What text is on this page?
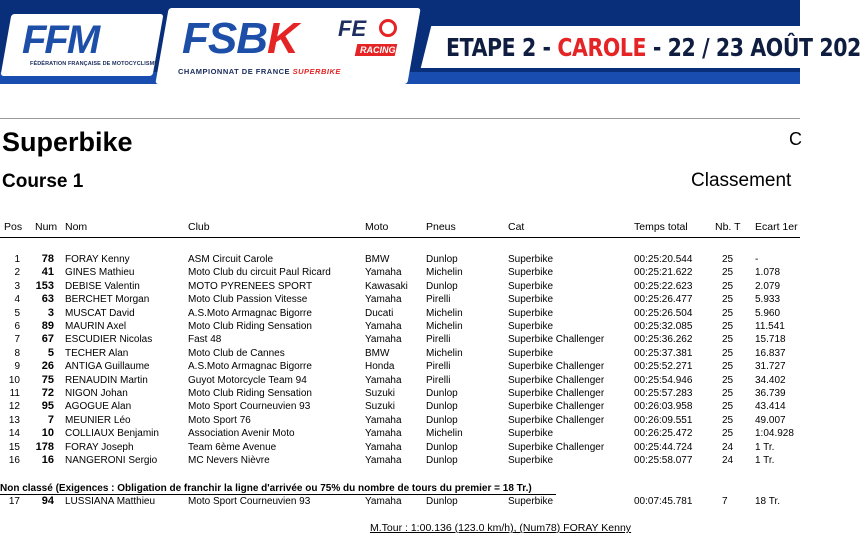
FFM
FÉDÉRATION FRANÇAISE DE MOTOCYCLISME
FSBK FE
RACING
CHAMPIONNAT DE FRANCE SUPERBIKE
ETAPE 2 - CAROLE - 22 / 23 AOÛT 202
Superbike	C
Course 1	Classement
Pos Num Nom	Club	Moto	Pneus	Cat	Temps total	Nb. T Ecart 1er
1	78 FORAY Kenny	ASM Circuit Carole	BMW	Dunlop	Superbike	00:25:20.544	25 -
2	41 GINES Mathieu	Moto Club du circuit Paul Ricard	Yamaha Michelin	Superbike	00:25:21.622	25 1.078
3	153 DEBISE Valentin	MOTO PYRENEES SPORT	Kawasaki Dunlop	Superbike	00:25:22.623	25 2.079
4	63 BERCHET Morgan	Moto Club Passion Vitesse	Yamaha Pirelli	Superbike	00:25:26.477	25 5.933
5	3 MUSCAT David	A.S.Moto Armagnac Bigorre	Ducati	Michelin	Superbike	00:25:26.504	25 5.960
6	89 MAURIN Axel	Moto Club Riding Sensation	Yamaha Michelin	Superbike	00:25:32.085	25 11.541
7	67 ESCUDIER Nicolas	Fast 48	Yamaha Pirelli	Superbike Challenger	00:25:36.262	25 15.718
8	5 TECHER Alan	Moto Club de Cannes	BMW	Michelin	Superbike	00:25:37.381	25 16.837
9	26 ANTIGA Guillaume	A.S.Moto Armagnac Bigorre	Honda	Pirelli	Superbike Challenger	00:25:52.271	25 31.727
10	75 RENAUDIN Martin	Guyot Motorcycle Team 94	Yamaha Pirelli	Superbike Challenger	00:25:54.946	25 34.402
11	72 NIGON Johan	Moto Club Riding Sensation	Suzuki	Dunlop	Superbike Challenger	00:25:57.283	25 36.739
12	95 AGOGUE Alan	Moto Sport Courneuvien 93	Suzuki	Dunlop	Superbike Challenger	00:26:03.958	25 43.414
13	7 MEUNIER Léo	Moto Sport 76	Yamaha Dunlop	Superbike Challenger	00:26:09.551	25 49.007
14	10 COLLIAUX Benjamin	Association Avenir Moto	Yamaha Michelin	Superbike	00:26:25.472	25 1:04.928
15	178 FORAY Joseph	Team 6ème Avenue	Yamaha Dunlop	Superbike Challenger	00:25:44.724	24 1 Tr.
16	16 NANGERONI Sergio	MC Nevers Nièvre	Yamaha Dunlop	Superbike	00:25:58.077	24 1 Tr.
Non classé (Exigences : Obligation de franchir la ligne d'arrivée ou 75% du nombre de tours du premier = 18 Tr.)
17	94 LUSSIANA Matthieu	Moto Sport Courneuvien 93	Yamaha Dunlop	Superbike	00:07:45.781	7	18 Tr.
M.Tour : 1:00.136 (123.0 km/h), (Num78) FORAY Kenny
